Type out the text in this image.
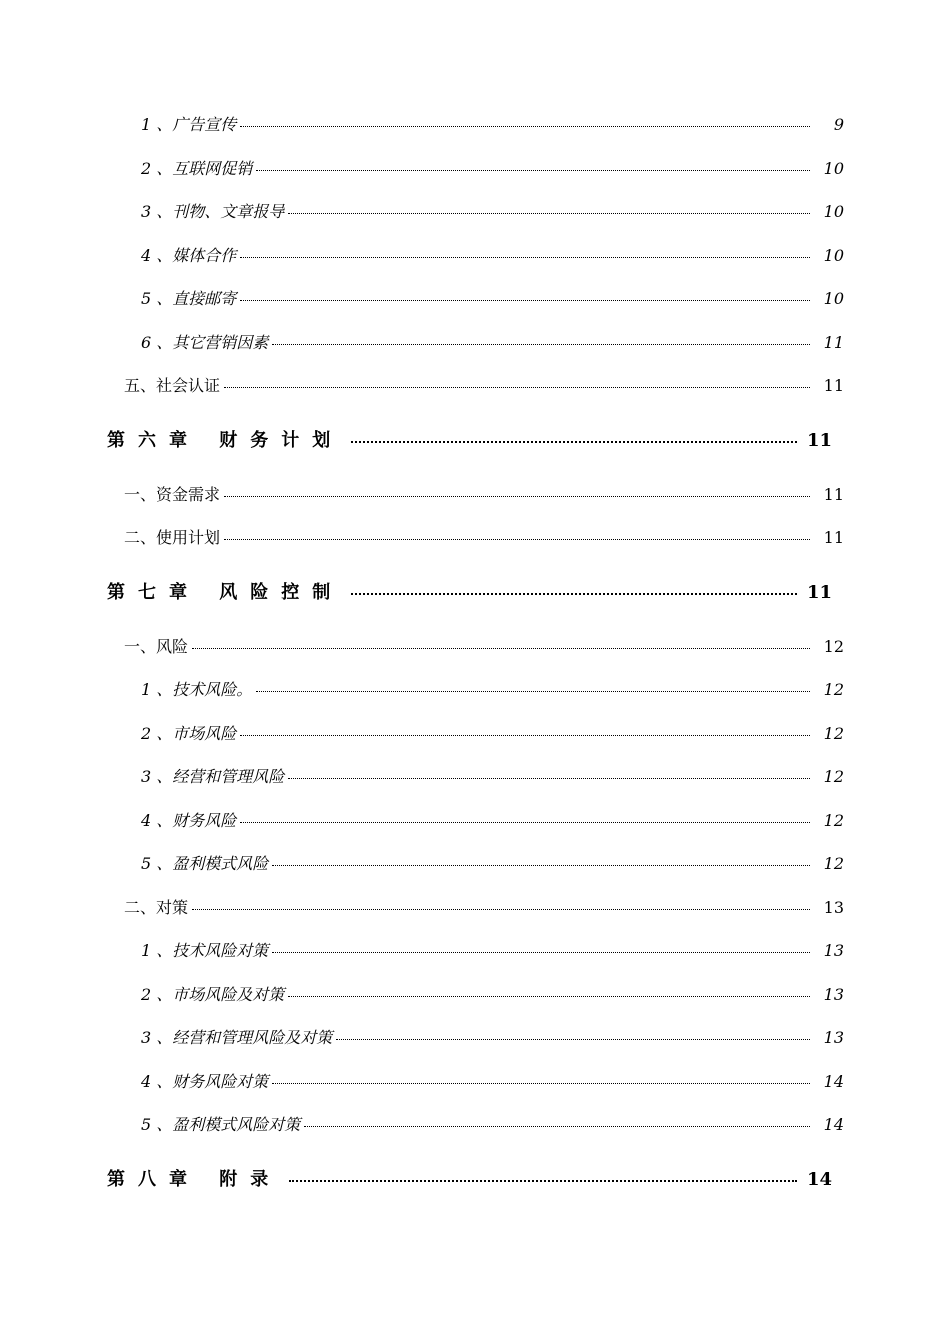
1 、广告宣传	9
2 、互联网促销	10
3 、刊物、文章报导	10
4 、媒体合作	10
5 、直接邮寄	10
6 、其它营销因素	11
五、社会认证	11
第六章 财务计划	11
一、资金需求	11
二、使用计划	11
第七章 风险控制	11
一、风险	12
1 、技术风险。	12
2 、市场风险	12
3 、经营和管理风险	12
4 、财务风险	12
5 、盈利模式风险	12
二、对策	13
1 、技术风险对策	13
2 、市场风险及对策	13
3 、经营和管理风险及对策	13
4 、财务风险对策	14
5 、盈利模式风险对策	14
第八章 附录	14
